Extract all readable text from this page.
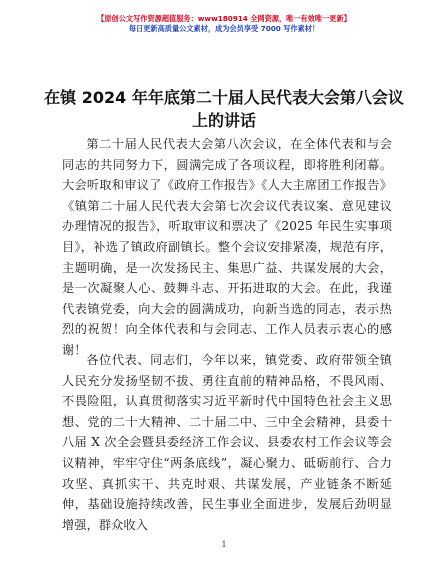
【原创公文写作资源超值服务：www180914 全网资源，唯一有效唯一更新】
每日更新高质量公文素材，成为会员享受 7000 写作素材！
在镇 2024 年年底第二十届人民代表大会第八会议上的讲话

第二十届人民代表大会第八次会议，在全体代表和与会同志的共同努力下，圆满完成了各项议程，即将胜利闭幕。大会听取和审议了《政府工作报告》《人大主席团工作报告》《镇第二十届人民代表大会第七次会议代表议案、意见建议办理情况的报告》，听取审议和票决了《2025 年民生实事项目》，补选了镇政府副镇长。整个会议安排紧凑，规范有序，主题明确，是一次发扬民主、集思广益、共谋发展的大会，是一次凝聚人心、鼓舞斗志、开拓进取的大会。在此，我谨代表镇党委，向大会的圆满成功，向新当选的同志，表示热烈的祝贺！向全体代表和与会同志、工作人员表示衷心的感谢！

各位代表、同志们，今年以来，镇党委、政府带领全镇人民充分发扬坚韧不拔、勇往直前的精神品格，不畏风雨、不畏险阻，认真贯彻落实习近平新时代中国特色社会主义思想、党的二十大精神、二十届二中、三中全会精神，县委十八届 X 次全会暨县委经济工作会议、县委农村工作会议等会议精神，牢牢守住“两条底线”，凝心聚力、砥砺前行、合力攻坚、真抓实干、共克时艰、共谋发展，产业链条不断延伸，基础设施持续改善，民生事业全面进步，发展后劲明显增强，群众收入

1
